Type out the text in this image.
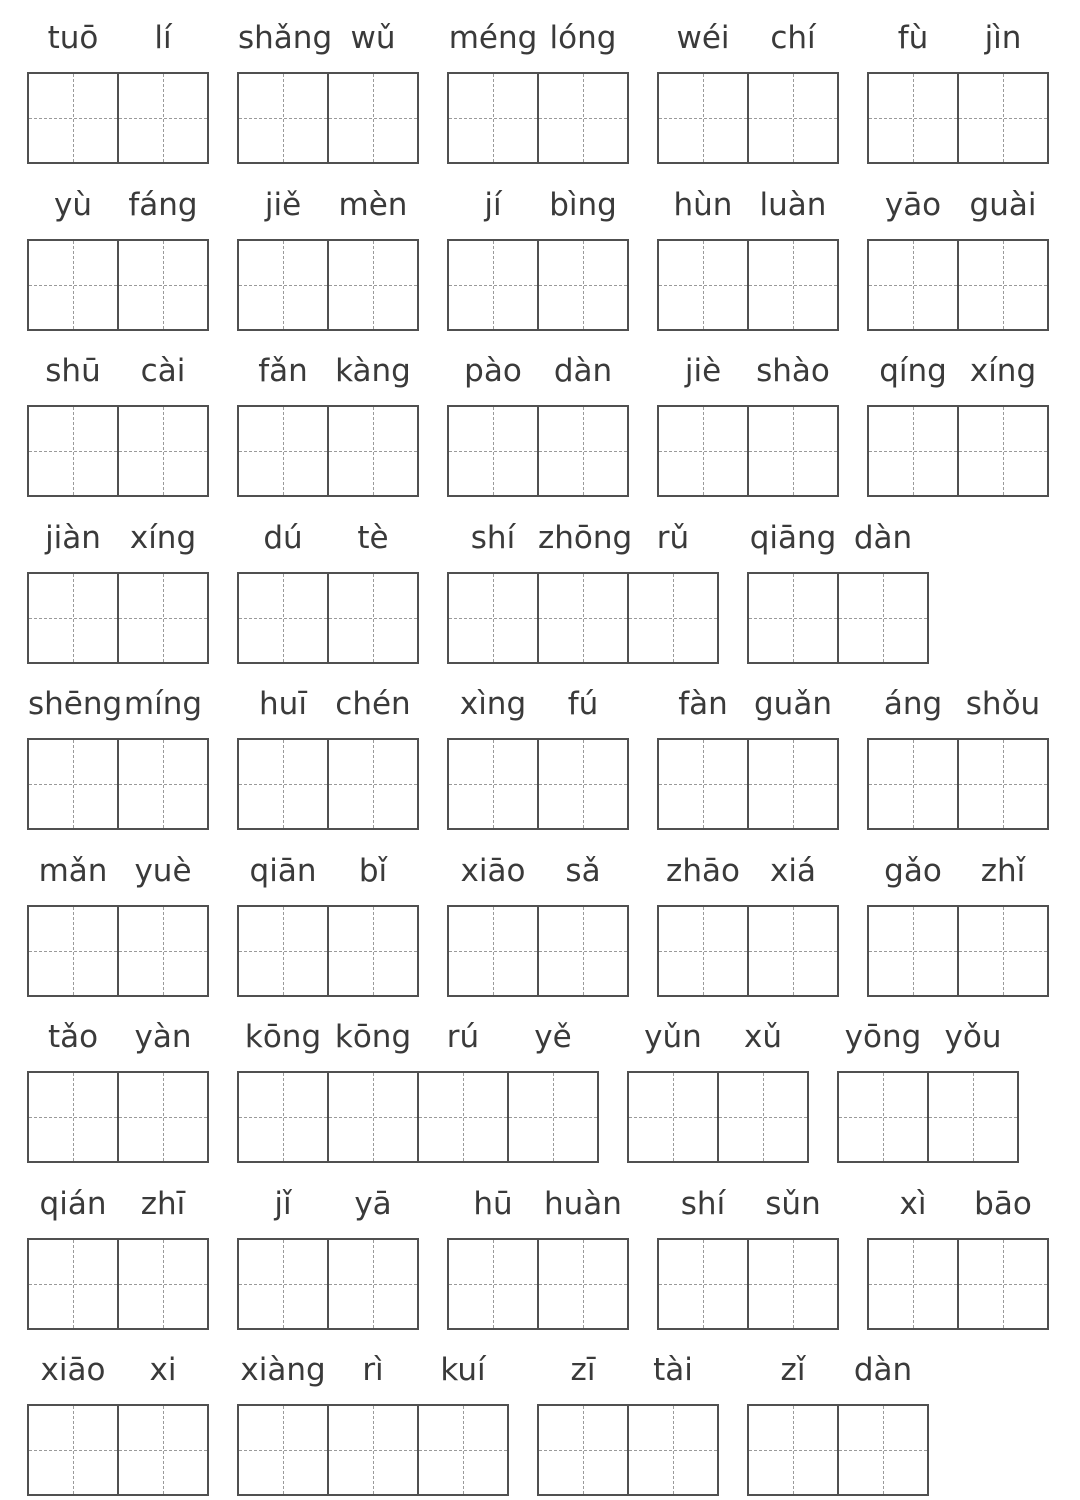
tuō	lí	shǎng wǔ	méng lóng	wéi	chí	fù	jìn
yù	fáng	jiě	mèn	jí	bìng	hùn luàn	yāo guài
shū	cài	fǎn kàng	pào	dàn	jiè	shào	qíng xíng
jiàn xíng	dú	tè	shí zhōng rǔ	qiāng dàn
shēng míng	huī chén	xìng	fú	fàn guǎn	áng shǒu
mǎn yuè	qiān	bǐ	xiāo	sǎ	zhāo xiá	gǎo	zhǐ
tǎo	yàn	kōng kōng	rú	yě	yǔn	xǔ	yōng yǒu
qián	zhī	jǐ	yā	hū	huàn	shí	sǔn	xì	bāo
xiāo	xi	xiàng	rì	kuí	zī	tài	zǐ	dàn
